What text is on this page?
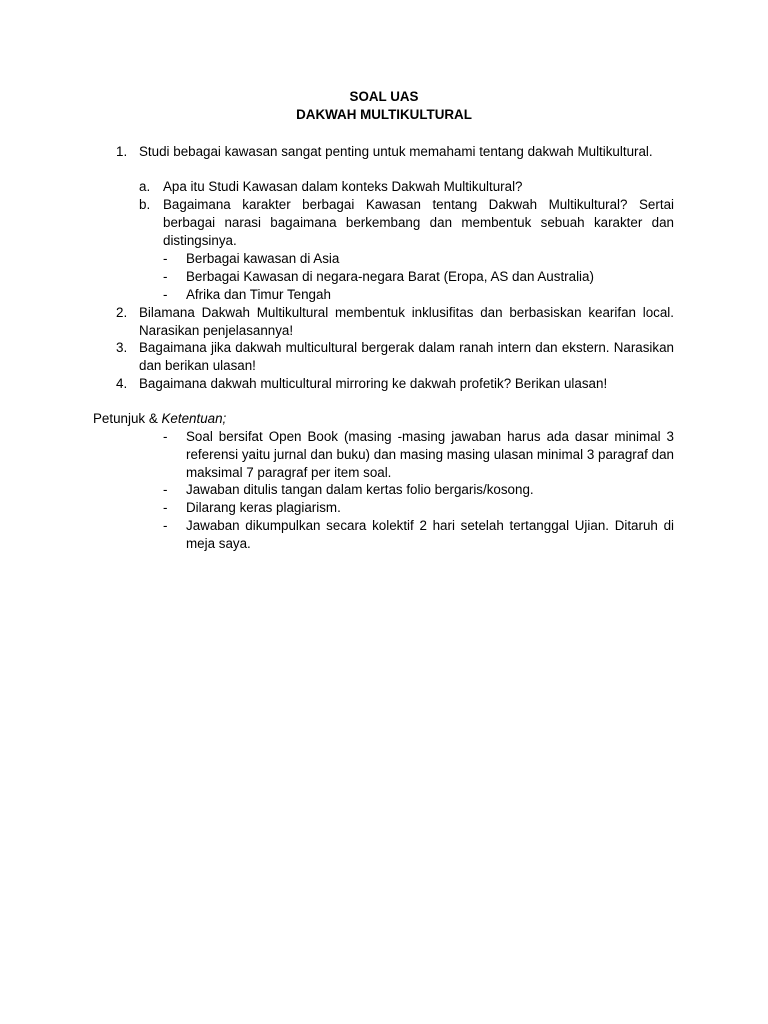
SOAL UAS
DAKWAH MULTIKULTURAL
1. Studi bebagai kawasan sangat penting untuk memahami tentang dakwah Multikultural.
a. Apa itu Studi Kawasan dalam konteks Dakwah Multikultural?
b. Bagaimana karakter berbagai Kawasan tentang Dakwah Multikultural? Sertai berbagai narasi bagaimana berkembang dan membentuk sebuah karakter dan distingsinya.
- Berbagai kawasan di Asia
- Berbagai Kawasan di negara-negara Barat (Eropa, AS dan Australia)
- Afrika dan Timur Tengah
2. Bilamana Dakwah Multikultural membentuk inklusifitas dan berbasiskan kearifan local. Narasikan penjelasannya!
3. Bagaimana jika dakwah multicultural bergerak dalam ranah intern dan ekstern. Narasikan dan berikan ulasan!
4. Bagaimana dakwah multicultural mirroring ke dakwah profetik? Berikan ulasan!
Petunjuk & Ketentuan;
- Soal bersifat Open Book (masing -masing jawaban harus ada dasar minimal 3 referensi yaitu jurnal dan buku) dan masing masing ulasan minimal 3 paragraf dan maksimal 7 paragraf per item soal.
- Jawaban ditulis tangan dalam kertas folio bergaris/kosong.
- Dilarang keras plagiarism.
- Jawaban dikumpulkan secara kolektif 2 hari setelah tertanggal Ujian. Ditaruh di meja saya.
